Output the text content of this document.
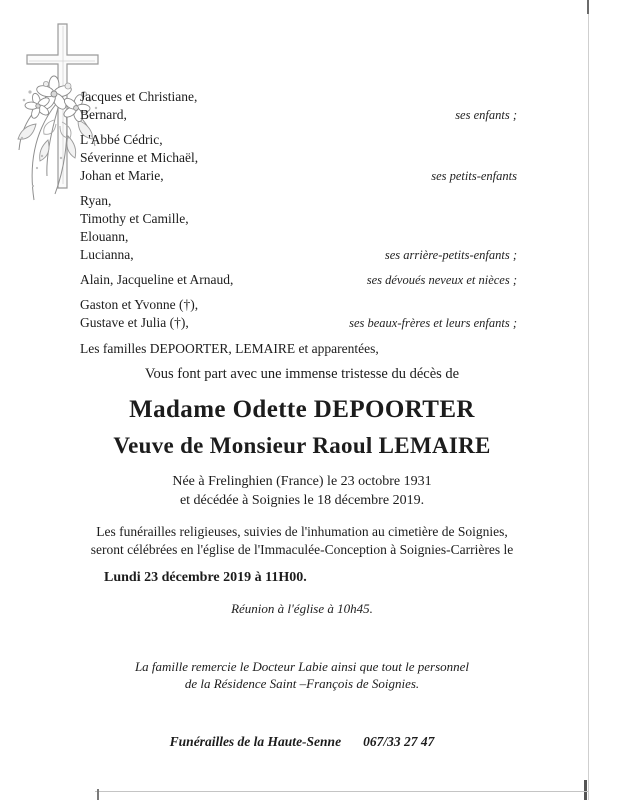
Jacques et Christiane,
Bernard,	ses enfants ;
L'Abbé Cédric,
Séverinne et Michaël,
Johan et Marie,	ses petits-enfants
Ryan,
Timothy et Camille,
Elouann,
Lucianna,	ses arrière-petits-enfants ;
Alain, Jacqueline et Arnaud,	ses dévoués neveux et nièces ;
Gaston et Yvonne (†),
Gustave et Julia (†),	ses beaux-frères et leurs enfants ;
Les familles DEPOORTER, LEMAIRE et apparentées,
Vous font part avec une immense tristesse du décès de
Madame Odette DEPOORTER
Veuve de Monsieur Raoul LEMAIRE
Née à Frelinghien (France) le 23 octobre 1931
et décédée à Soignies le 18 décembre 2019.
Les funérailles religieuses, suivies de l'inhumation au cimetière de Soignies,
seront célébrées en l'église de l'Immaculée-Conception à Soignies-Carrières le
Lundi 23 décembre 2019 à 11H00.
Réunion à l'église à 10h45.
La famille remercie le Docteur Labie ainsi que tout le personnel
de la Résidence Saint –François de Soignies.
Funérailles de la Haute-Senne 067/33 27 47
